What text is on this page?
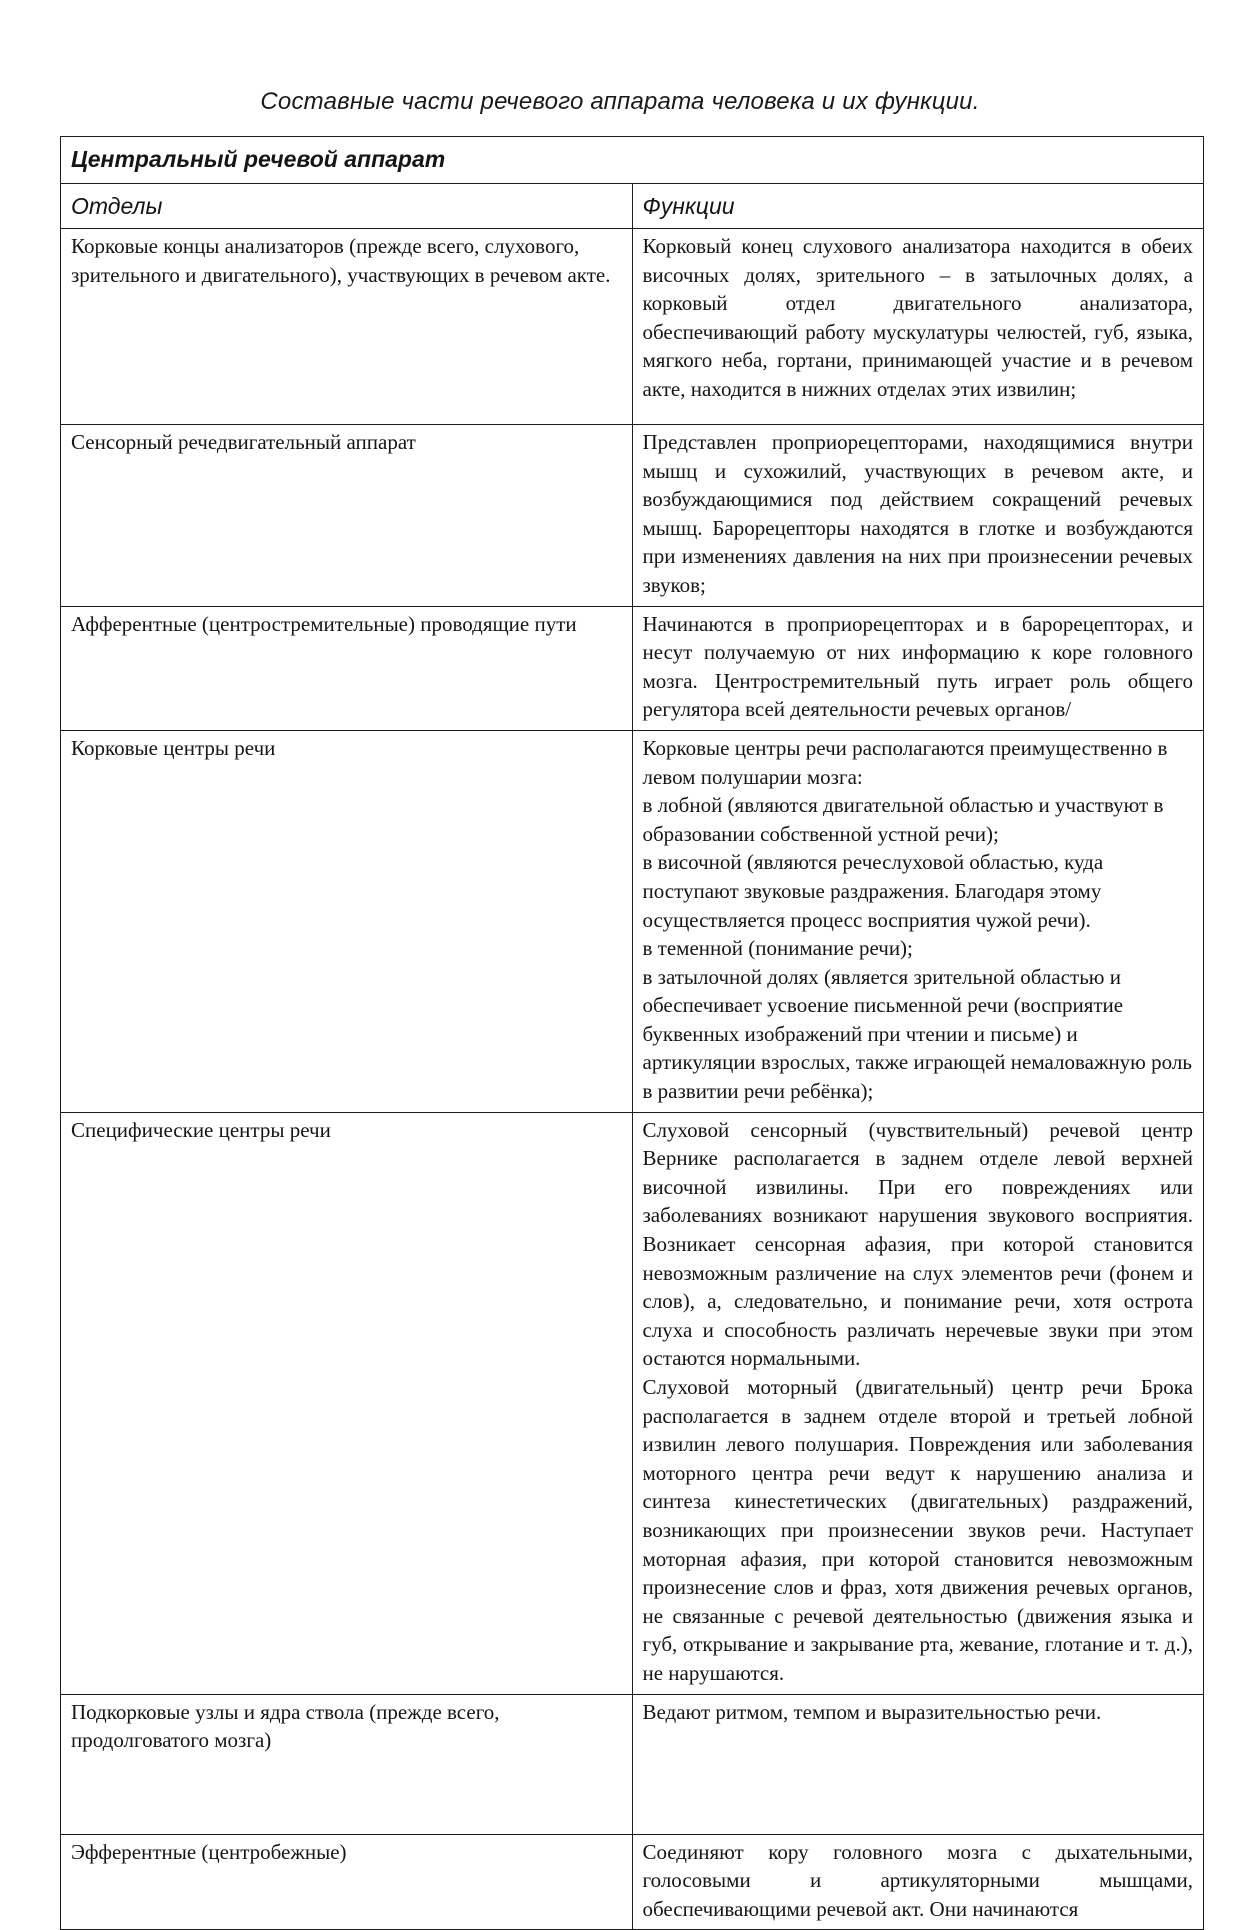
Составные части речевого аппарата человека и их функции.
Центральный речевой аппарат	
Отделы	Функции
Корковые концы анализаторов (прежде всего, слухового, зрительного и двигательного), участвующих в речевом акте.	Корковый конец слухового анализатора находится в обеих височных долях, зрительного – в затылочных долях, а корковый отдел двигательного анализатора, обеспечивающий работу мускулатуры челюстей, губ, языка, мягкого неба, гортани, принимающей участие и в речевом акте, находится в нижних отделах этих извилин;

Сенсорный речедвигательный аппарат	Представлен проприорецепторами, находящимися внутри мышц и сухожилий, участвующих в речевом акте, и возбуждающимися под действием сокращений речевых мышц. Барорецепторы находятся в глотке и возбуждаются при изменениях давления на них при произнесении речевых звуков;

Афферентные (центростремительные) проводящие пути	Начинаются в проприорецепторах и в барорецепторах, и несут получаемую от них информацию к коре головного мозга. Центростремительный путь играет роль общего регулятора всей деятельности речевых органов/

Корковые центры речи	Корковые центры речи располагаются преимущественно в левом полушарии мозга:
в лобной (являются двигательной областью и участвуют в образовании собственной устной речи);
в височной (являются речеслуховой областью, куда поступают звуковые раздражения. Благодаря этому осуществляется процесс восприятия чужой речи).
в теменной (понимание речи);
в затылочной долях (является зрительной областью и обеспечивает усвоение письменной речи (восприятие буквенных изображений при чтении и письме) и артикуляции взрослых, также играющей немаловажную роль в развитии речи ребёнка);

Специфические центры речи	Слуховой сенсорный (чувствительный) речевой центр Вернике располагается в заднем отделе левой верхней височной извилины. При его повреждениях или заболеваниях возникают нарушения звукового восприятия. Возникает сенсорная афазия, при которой становится невозможным различение на слух элементов речи (фонем и слов), а, следовательно, и понимание речи, хотя острота слуха и способность различать неречевые звуки при этом остаются нормальными.
Слуховой моторный (двигательный) центр речи Брока располагается в заднем отделе второй и третьей лобной извилин левого полушария. Повреждения или заболевания моторного центра речи ведут к нарушению анализа и синтеза кинестетических (двигательных) раздражений, возникающих при произнесении звуков речи. Наступает моторная афазия, при которой становится невозможным произнесение слов и фраз, хотя движения речевых органов, не связанные с речевой деятельностью (движения языка и губ, открывание и закрывание рта, жевание, глотание и т. д.), не нарушаются.

Подкорковые узлы и ядра ствола (прежде всего, продолговатого мозга)	Ведают ритмом, темпом и выразительностью речи.

Эфферентные (центробежные)	Соединяют кору головного мозга с дыхательными, голосовыми и артикуляторными мышцами, обеспечивающими речевой акт. Они начинаются
